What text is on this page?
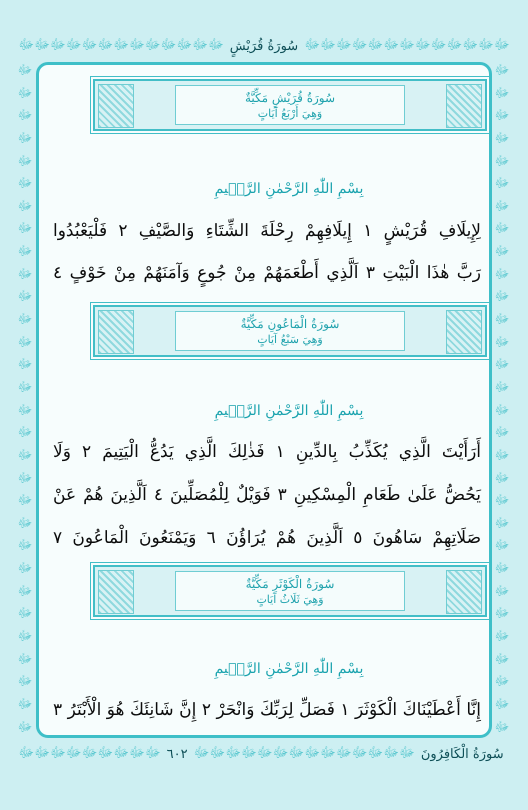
ﷻﷻﷻﷻﷻﷻﷻﷻﷻﷻﷻﷻﷻ سُورَةُ قُرَيْشٍ ﷻﷻﷻﷻﷻﷻﷻﷻﷻﷻﷻﷻﷻ
ﷻ
ﷻ
ﷻ
ﷻ
ﷻ
ﷻ
ﷻ
ﷻ
ﷻ
ﷻ
ﷻ
ﷻ
ﷻ
ﷻ
ﷻ
ﷻ
ﷻ
ﷻ
ﷻ
ﷻ
ﷻ
ﷻ
ﷻ
ﷻ
ﷻ
ﷻ
ﷻ
ﷻ
ﷻ
ﷻ
ﷻ
ﷻ
ﷻ
ﷻ
ﷻ
ﷻ
ﷻ
ﷻ
ﷻ
ﷻ
ﷻ
ﷻ
ﷻ
ﷻ
ﷻ
ﷻ
ﷻ
ﷻ
ﷻ
ﷻ
ﷻ
ﷻ
ﷻ
ﷻ
ﷻ
ﷻ
ﷻ
ﷻ
ﷻ
ﷻ
سُورَةُ قُرَيْشٍ مَكِّيَّةٌ
وَهِيَ أَرْبَعُ آيَاتٍ
بِسْمِ اللّٰهِ الرَّحْمٰنِ الرَّح۪يمِ
لِإِيلَافِ قُرَيْشٍ ١ إِيلَافِهِمْ رِحْلَةَ الشِّتَاءِ وَالصَّيْفِ ٢ فَلْيَعْبُدُوا
رَبَّ هٰذَا الْبَيْتِ ٣ اَلَّذِي أَطْعَمَهُمْ مِنْ جُوعٍ وَآمَنَهُمْ مِنْ خَوْفٍ ٤
سُورَةُ الْمَاعُونِ مَكِّيَّةٌ
وَهِيَ سَبْعُ آيَاتٍ
بِسْمِ اللّٰهِ الرَّحْمٰنِ الرَّح۪يمِ
أَرَأَيْتَ الَّذِي يُكَذِّبُ بِالدِّينِ ١ فَذٰلِكَ الَّذِي يَدُعُّ الْيَتِيمَ ٢ وَلَا
يَحُضُّ عَلَىٰ طَعَامِ الْمِسْكِينِ ٣ فَوَيْلٌ لِلْمُصَلِّينَ ٤ اَلَّذِينَ هُمْ عَنْ
صَلَاتِهِمْ سَاهُونَ ٥ اَلَّذِينَ هُمْ يُرَاؤُنَ ٦ وَيَمْنَعُونَ الْمَاعُونَ ٧
سُورَةُ الْكَوْثَرِ مَكِّيَّةٌ
وَهِيَ ثَلَاثُ آيَاتٍ
بِسْمِ اللّٰهِ الرَّحْمٰنِ الرَّح۪يمِ
إِنَّا أَعْطَيْنَاكَ الْكَوْثَرَ ١ فَصَلِّ لِرَبِّكَ وَانْحَرْ ٢ إِنَّ شَانِئَكَ هُوَ الْأَبْتَرُ ٣
ﷻﷻﷻﷻﷻﷻﷻﷻﷻ ٦٠٢ ﷻﷻﷻﷻﷻﷻﷻﷻﷻﷻﷻﷻﷻﷻ سُورَةُ الْكَافِرُونَ
